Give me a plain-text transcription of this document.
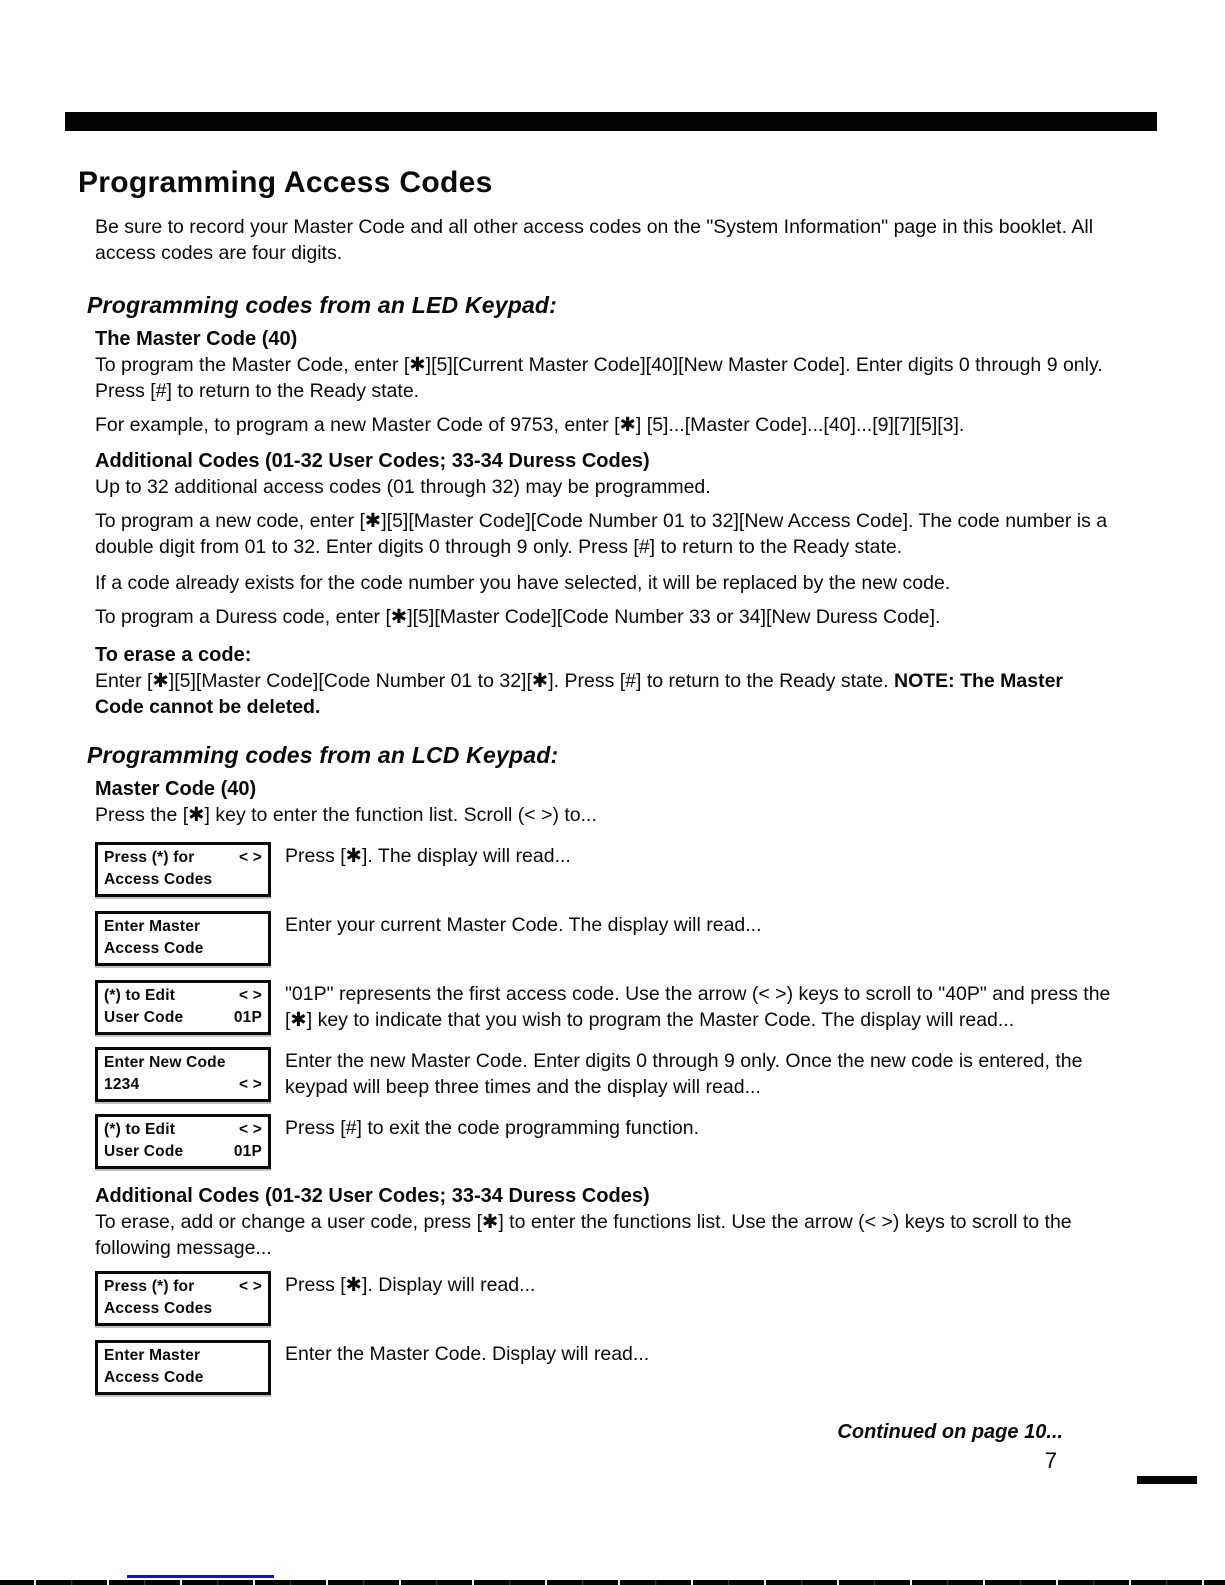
Programming Access Codes

Be sure to record your Master Code and all other access codes on the "System Information" page in this booklet. All access codes are four digits.

Programming codes from an LED Keypad:
The Master Code (40)

To program the Master Code, enter [✱][5][Current Master Code][40][New Master Code]. Enter digits 0 through 9 only. Press [#] to return to the Ready state.

For example, to program a new Master Code of 9753, enter [✱] [5]...[Master Code]...[40]...[9][7][5][3].

Additional Codes (01-32 User Codes; 33-34 Duress Codes)

Up to 32 additional access codes (01 through 32) may be programmed.

To program a new code, enter [✱][5][Master Code][Code Number 01 to 32][New Access Code]. The code number is a double digit from 01 to 32. Enter digits 0 through 9 only. Press [#] to return to the Ready state.

If a code already exists for the code number you have selected, it will be replaced by the new code.

To program a Duress code, enter [✱][5][Master Code][Code Number 33 or 34][New Duress Code].

To erase a code:

Enter [✱][5][Master Code][Code Number 01 to 32][✱]. Press [#] to return to the Ready state. NOTE: The Master Code cannot be deleted.

Programming codes from an LCD Keypad:
Master Code (40)

Press the [✱] key to enter the function list. Scroll (< >) to...

Press (*) for	< >
Access Codes

Press [✱]. The display will read...

Enter Master
Access Code

Enter your current Master Code. The display will read...

(*) to Edit	< >
User Code	01P

"01P" represents the first access code. Use the arrow (< >) keys to scroll to "40P" and press the [✱] key to indicate that you wish to program the Master Code. The display will read...

Enter New Code
1234	< >

Enter the new Master Code. Enter digits 0 through 9 only. Once the new code is entered, the keypad will beep three times and the display will read...

(*) to Edit	< >
User Code	01P

Press [#] to exit the code programming function.

Additional Codes (01-32 User Codes; 33-34 Duress Codes)

To erase, add or change a user code, press [✱] to enter the functions list. Use the arrow (< >) keys to scroll to the following message...

Press (*) for	< >
Access Codes

Press [✱]. Display will read...

Enter Master
Access Code

Enter the Master Code. Display will read...

Continued on page 10...
7
